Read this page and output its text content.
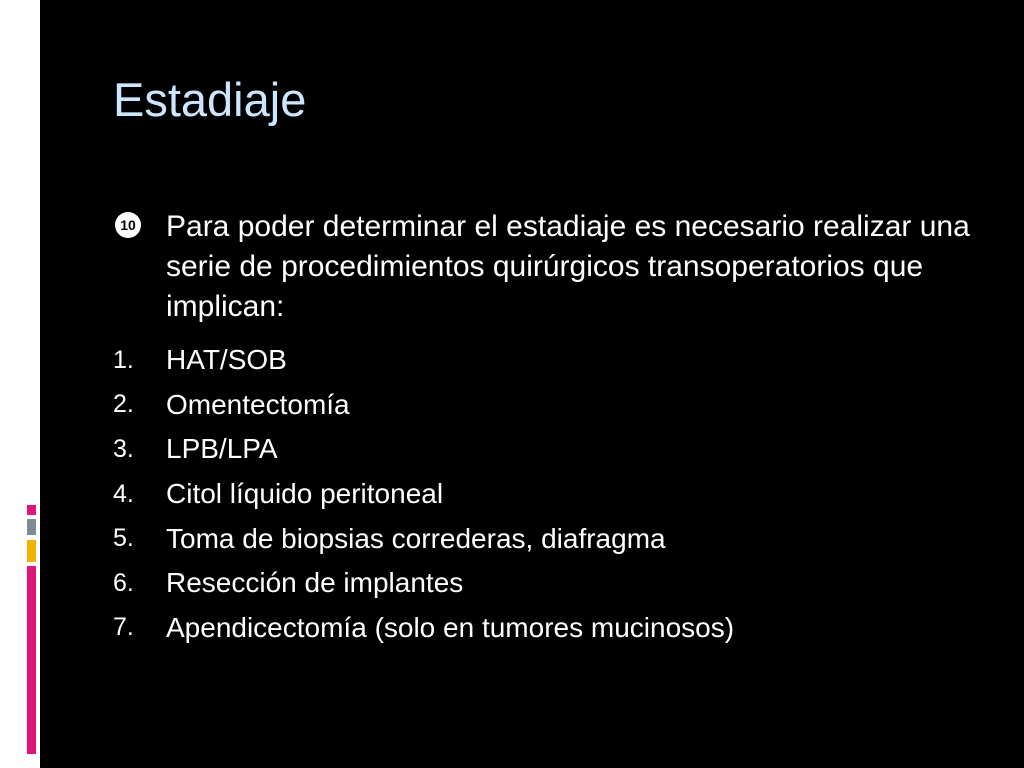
Estadiaje
10 Para poder determinar el estadiaje es necesario realizar una serie de procedimientos quirúrgicos transoperatorios que implican:
1.	HAT/SOB
2.	Omentectomía
3.	LPB/LPA
4.	Citol líquido peritoneal
5.	Toma de biopsias correderas, diafragma
6.	Resección de implantes
7.	Apendicectomía (solo en tumores mucinosos)
